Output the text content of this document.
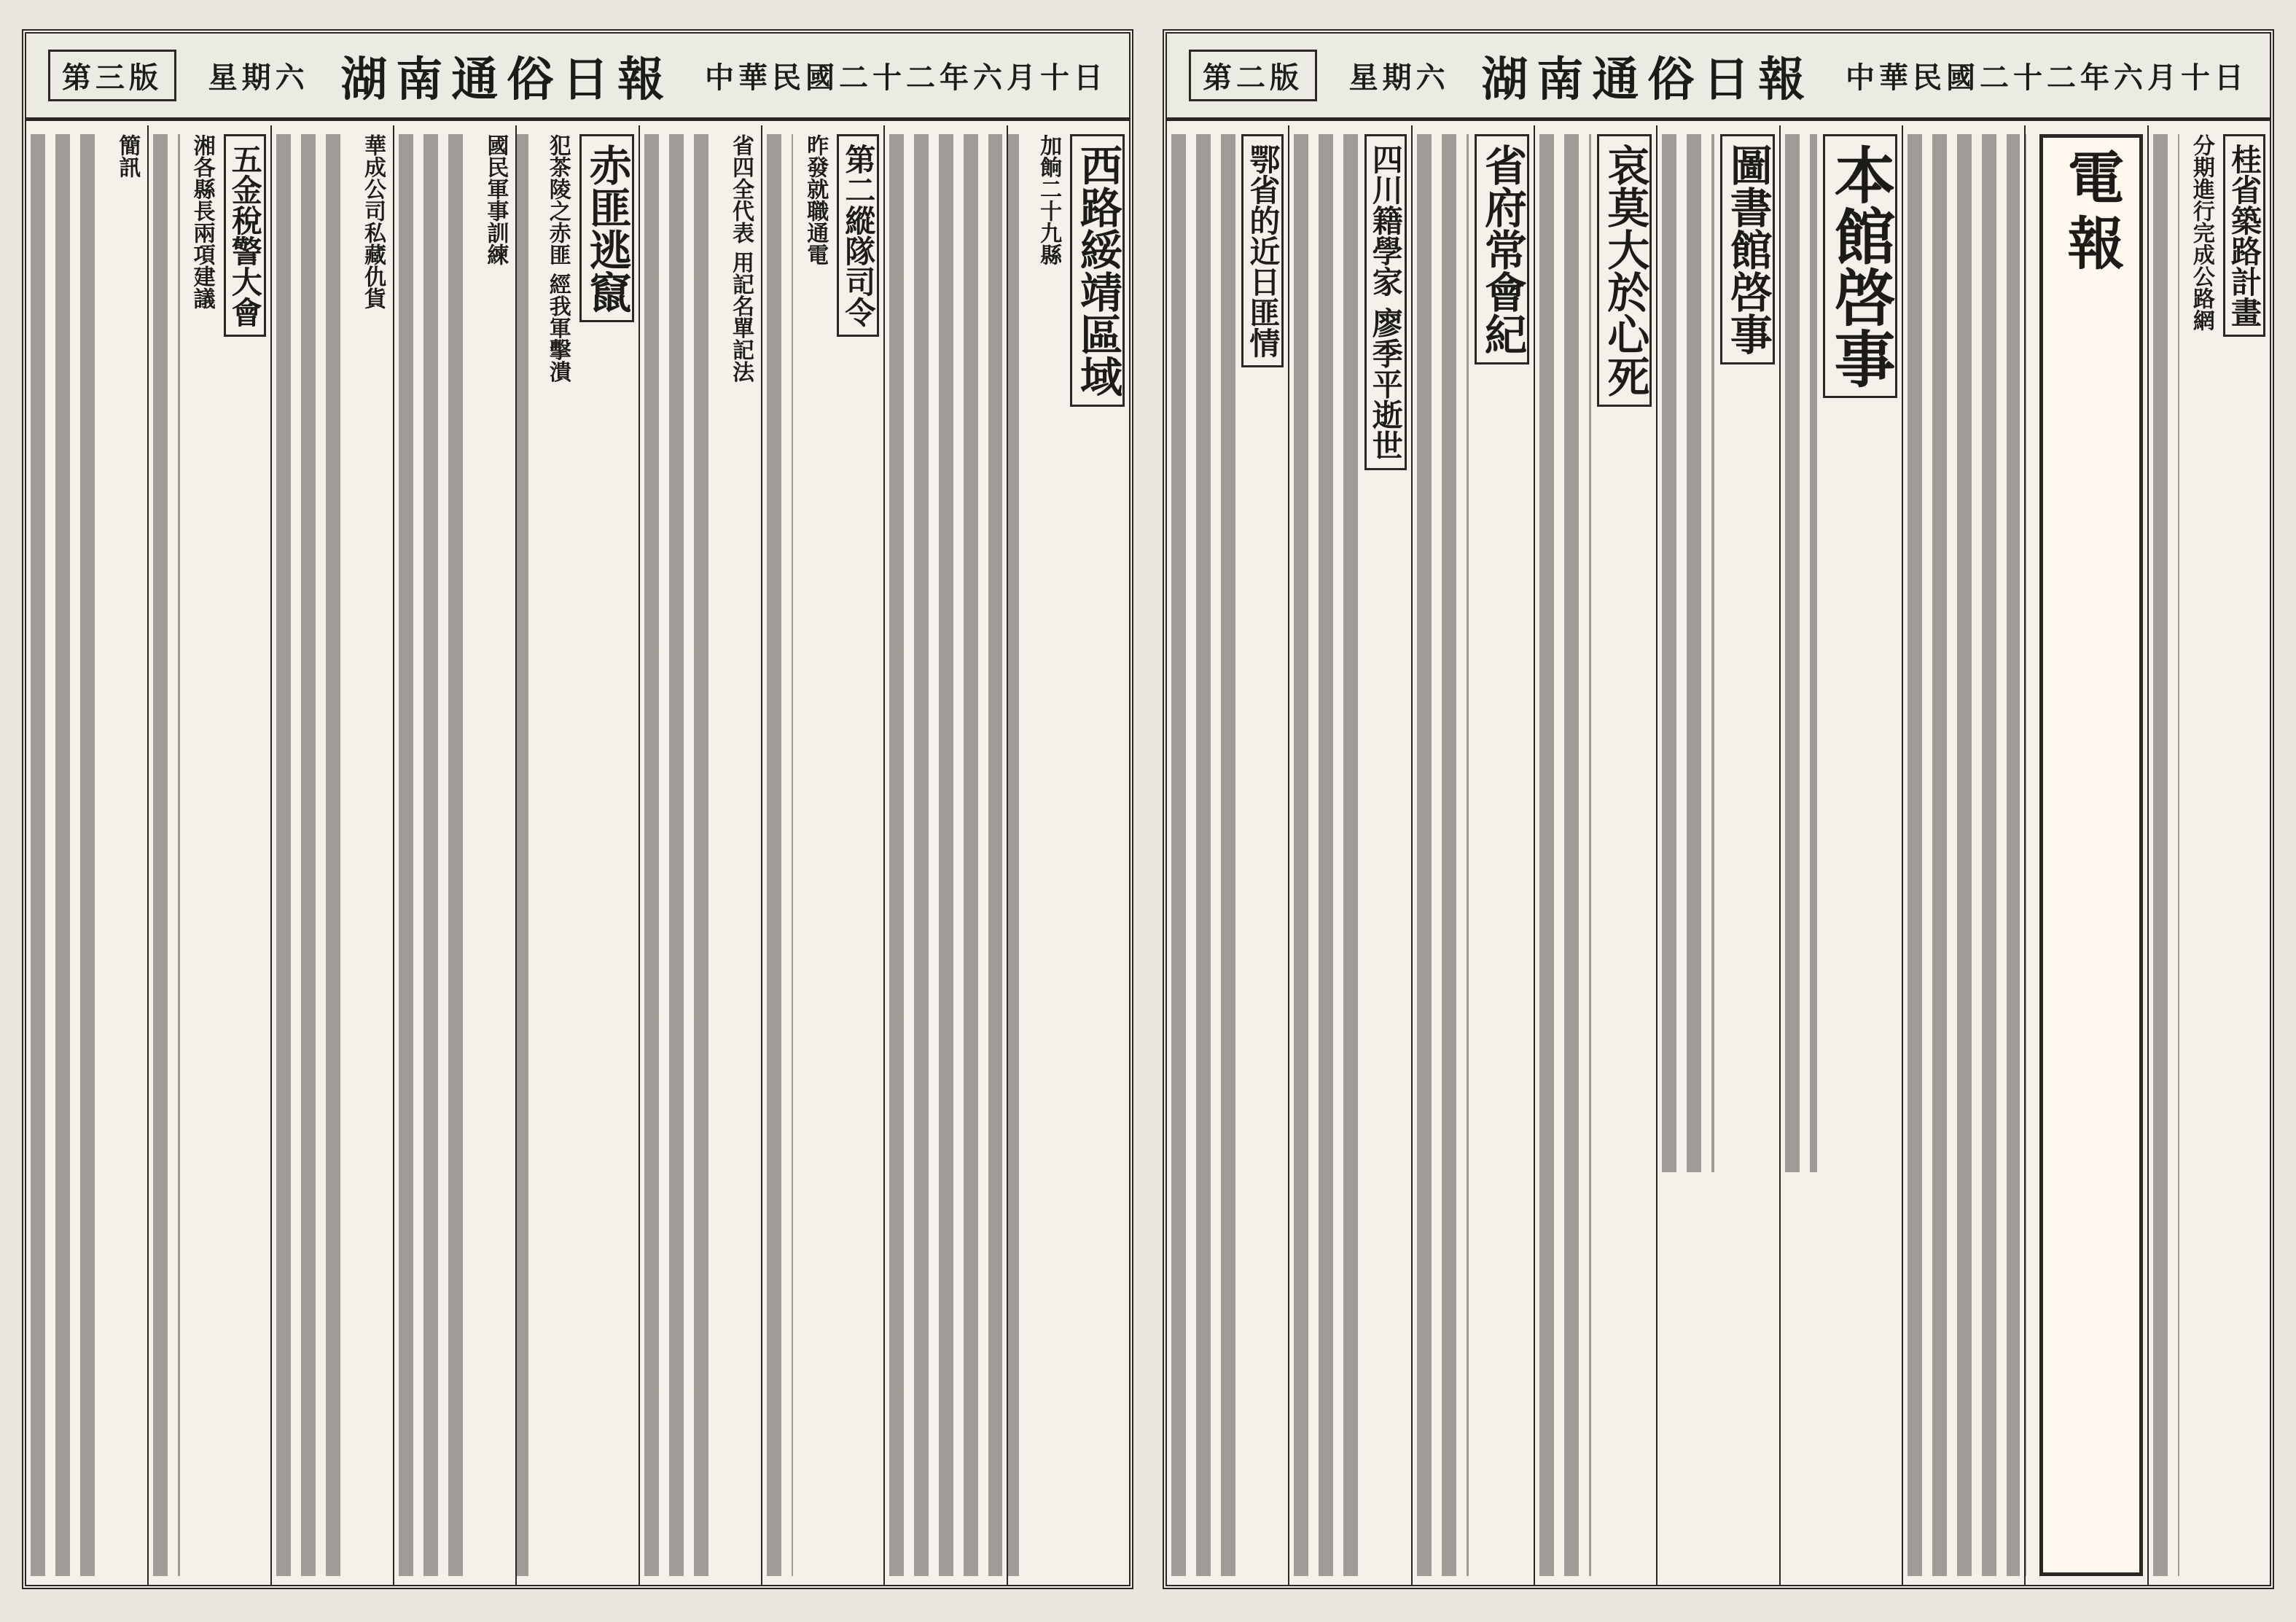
中華民國二十二年六月十日
湖南通俗日報
星期六
第三版
西路綏靖區域
加餉二十九縣
第二縱隊司令
昨發就職通電
省四全代表 用記名單記法
赤匪逃竄
犯茶陵之赤匪 經我軍擊潰
國民軍事訓練
華成公司私藏仇貨
五金稅警大會
湘各縣長兩項建議
簡訊
中華民國二十二年六月十日
湖南通俗日報
星期六
第二版
桂省築路計畫
分期進行完成公路網
電報
本館啓事
圖書館啓事
哀莫大於心死
省府常會紀
四川籍學家 廖季平逝世
鄂省的近日匪情
